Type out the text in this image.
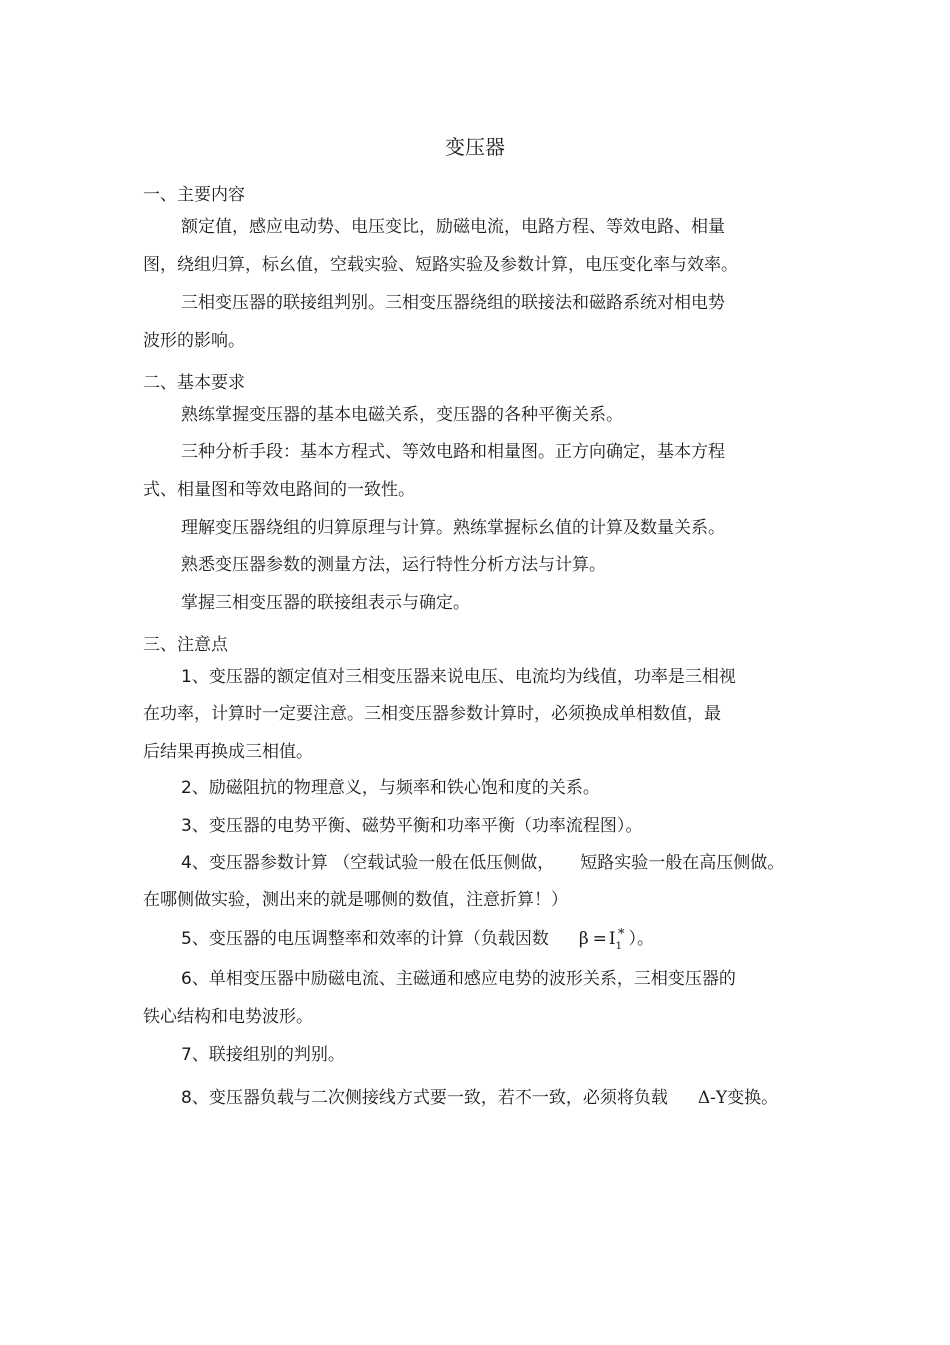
变压器
一、主要内容
额定值，感应电动势、电压变比，励磁电流，电路方程、等效电路、相量
图，绕组归算，标幺值，空载实验、短路实验及参数计算，电压变化率与效率。
三相变压器的联接组判别。三相变压器绕组的联接法和磁路系统对相电势
波形的影响。
二、基本要求
熟练掌握变压器的基本电磁关系，变压器的各种平衡关系。
三种分析手段：基本方程式、等效电路和相量图。正方向确定，基本方程
式、相量图和等效电路间的一致性。
理解变压器绕组的归算原理与计算。熟练掌握标幺值的计算及数量关系。
熟悉变压器参数的测量方法，运行特性分析方法与计算。
掌握三相变压器的联接组表示与确定。
三、注意点
1、变压器的额定值对三相变压器来说电压、电流均为线值，功率是三相视
在功率，计算时一定要注意。三相变压器参数计算时，必须换成单相数值，最
后结果再换成三相值。
2、励磁阻抗的物理意义，与频率和铁心饱和度的关系。
3、变压器的电势平衡、磁势平衡和功率平衡（功率流程图）。
4、变压器参数计算 （空载试验一般在低压侧做， 短路实验一般在高压侧做。
在哪侧做实验，测出来的就是哪侧的数值，注意折算！）
5、变压器的电压调整率和效率的计算（负载因数 $\beta = I_1^*$ ）。
6、单相变压器中励磁电流、主磁通和感应电势的波形关系，三相变压器的
铁心结构和电势波形。
7、联接组别的判别。
8、变压器负载与二次侧接线方式要一致，若不一致，必须将负载 Δ-Y变换。
